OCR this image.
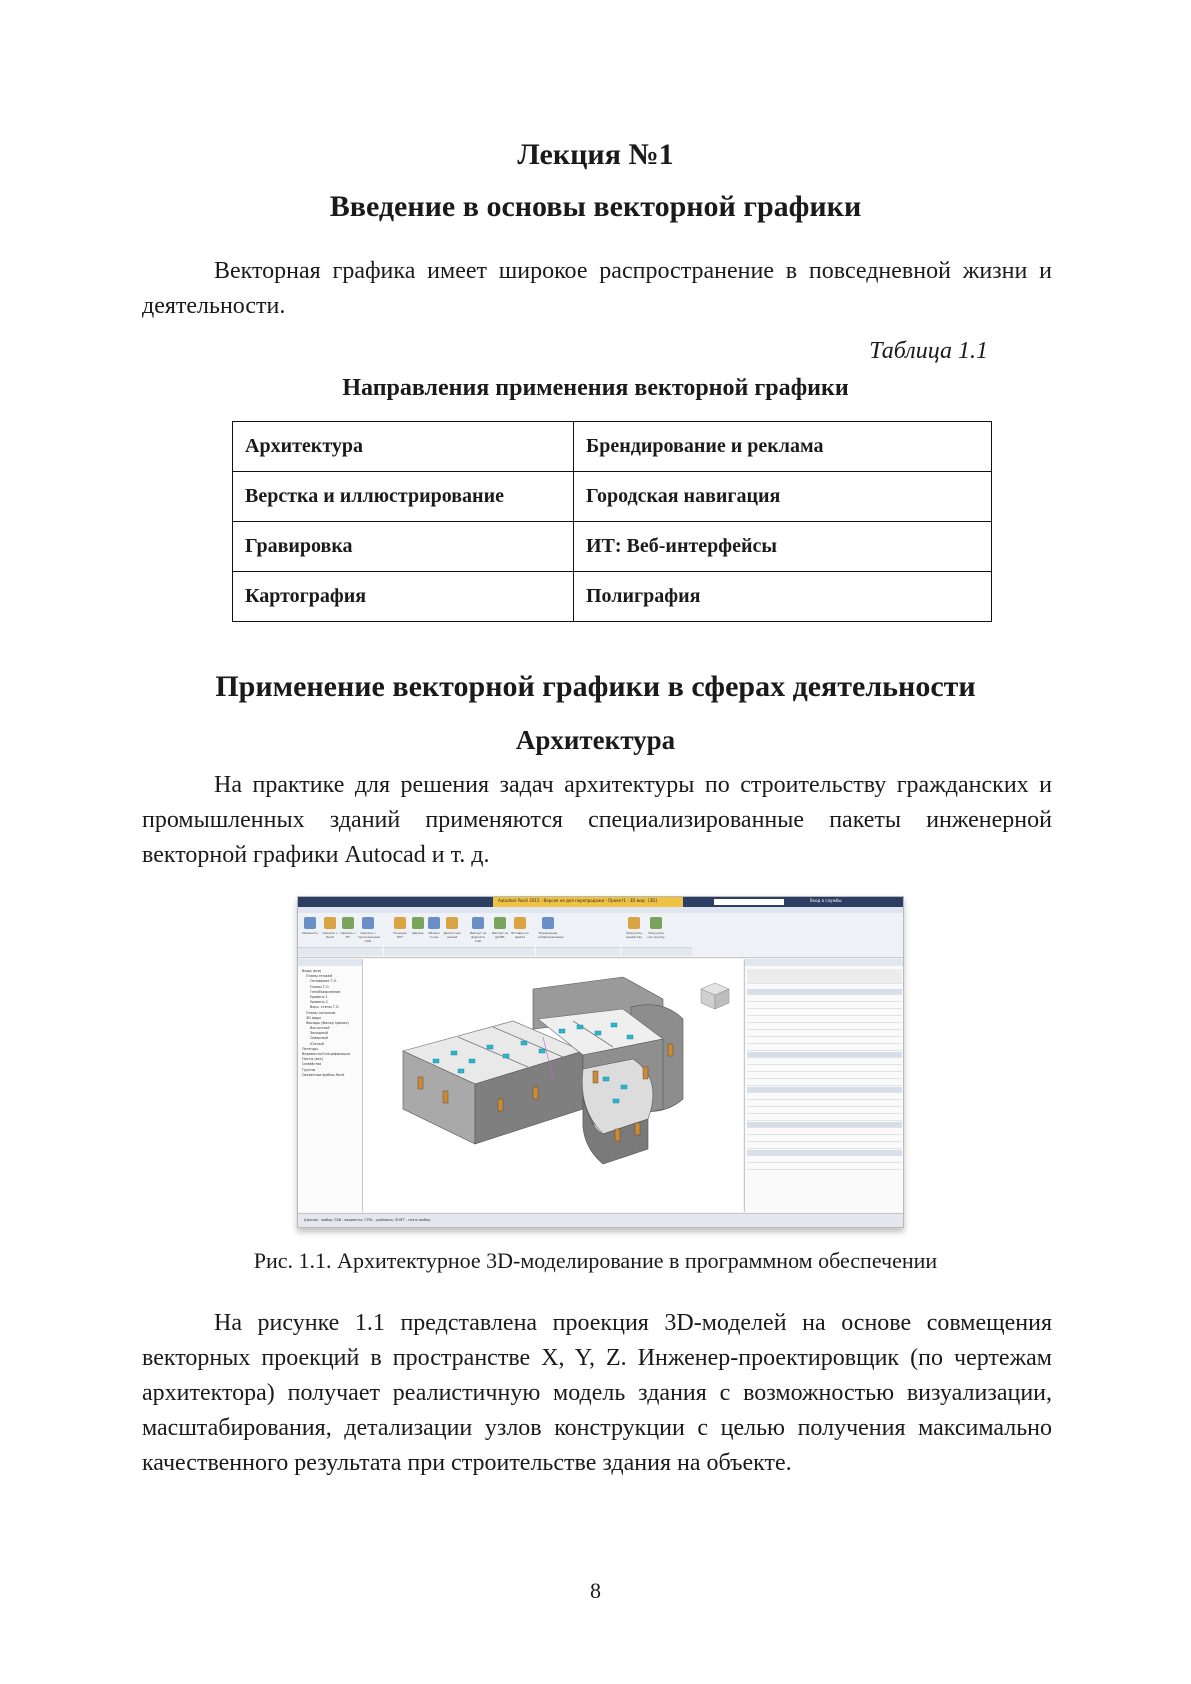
Лекция №1
Введение в основы векторной графики
Векторная графика имеет широкое распространение в повседневной жизни и деятельности.
Таблица 1.1
Направления применения векторной графики
Архитектура	Брендирование и реклама
Верстка и иллюстрирование	Городская навигация
Гравировка	ИТ: Веб-интерфейсы
Картография	Полиграфия
Применение векторной графики в сферах деятельности
Архитектура
На практике для решения задач архитектуры по строительству гражданских и промышленных зданий применяются специализированные пакеты инженерной векторной графики Autocad и т. д.
Autodesk Revit 2015 - Версия не для перепродажи - Проект1 - 3D вид: {3D}	Вход в службы
Изменить	Связать с Revit
Связать с IFC
Связать с приложением CAD
Позиция RVT
Декаль	Облако точек
Диспетчер связей
Импорт из формата CAD
Импорт из gbXML
Вставка из файла
Управление изображениями
Загрузить семейство
Загрузить как группу
Виды (все)
Планы этажей
Основание Т.О.
Планы Т.О.
Генобъединение
Уровень 1
Уровень 2
Верх. стены Т.О.
Планы потолков
3D виды
Фасады (Фасад здания)
Восточный
Западный
Северный
Южный
Легенды
Ведомости/Спецификации
Листы (все)
Семейства
Группы
Связанные файлы Revit
Щелчок - выбор; TAB - варианты; CTRL - добавить; SHIFT - снять выбор
Рис. 1.1. Архитектурное 3D-моделирование в программном обеспечении
На рисунке 1.1 представлена проекция 3D-моделей на основе совмещения векторных проекций в пространстве X, Y, Z. Инженер-проектировщик (по чертежам архитектора) получает реалистичную модель здания с возможностью визуализации, масштабирования, детализации узлов конструкции с целью получения максимально качественного результата при строительстве здания на объекте.
8
